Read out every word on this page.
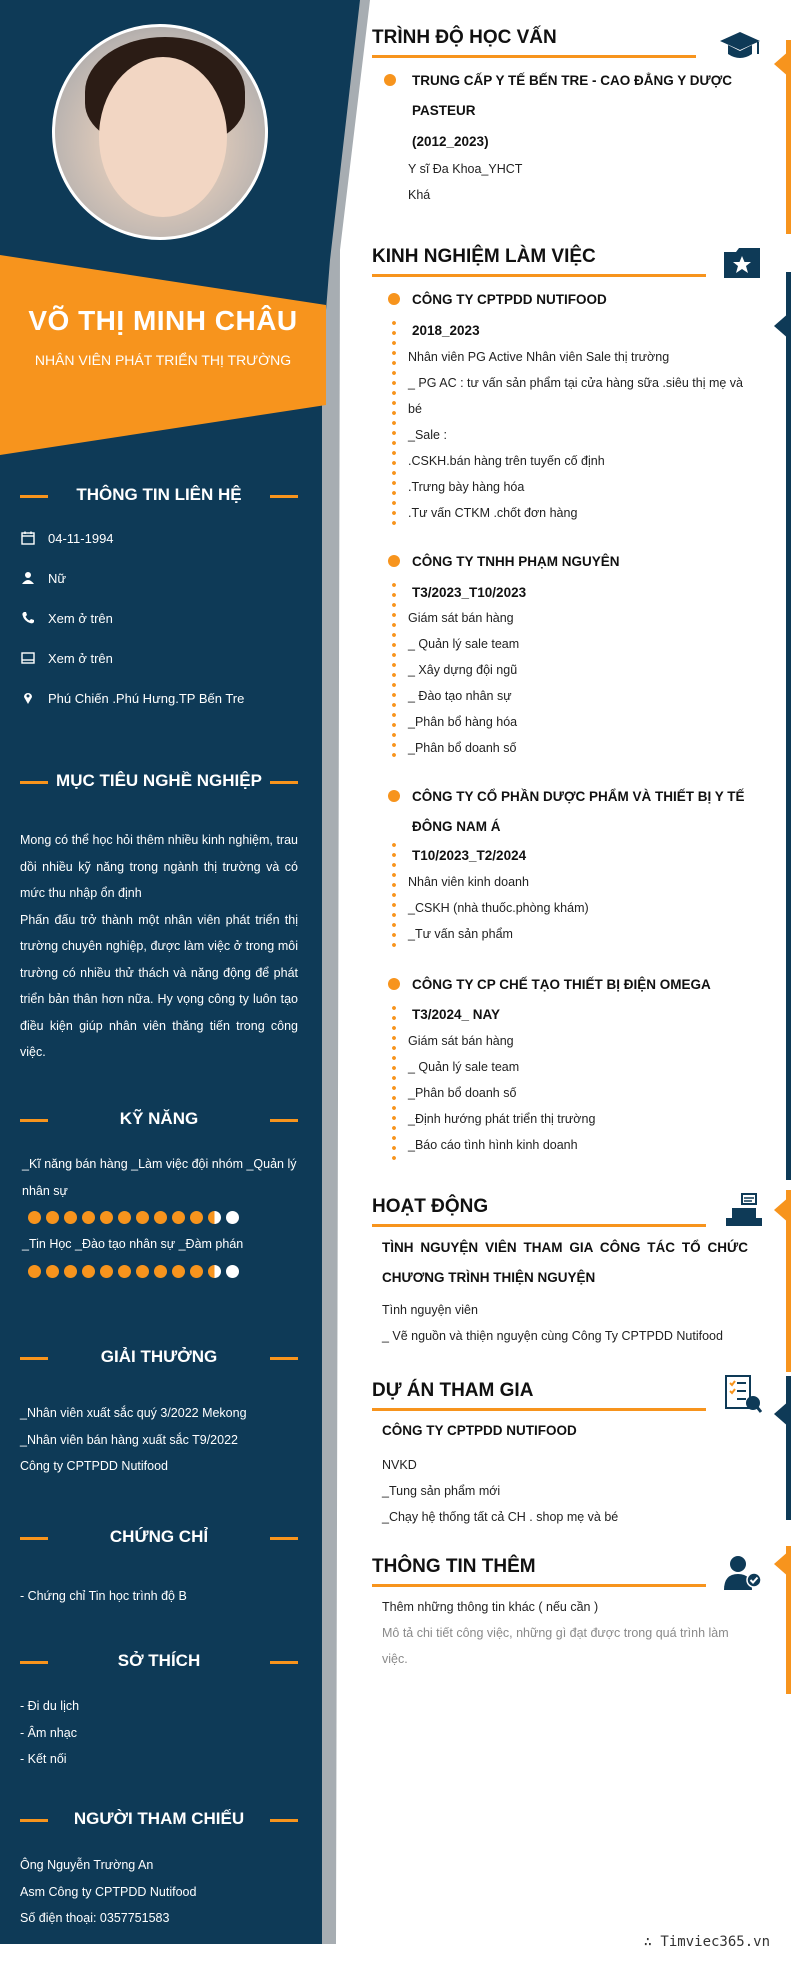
VÕ THỊ MINH CHÂU
NHÂN VIÊN PHÁT TRIỂN THỊ TRƯỜNG
THÔNG TIN LIÊN HỆ
04-11-1994
Nữ
Xem ở trên
Xem ở trên
Phú Chiến .Phú Hưng.TP Bến Tre
MỤC TIÊU NGHỀ NGHIỆP

Mong có thể học hỏi thêm nhiều kinh nghiệm, trau dồi nhiều kỹ năng trong ngành thị trường và có mức thu nhập ổn định

Phấn đấu trở thành một nhân viên phát triển thị trường chuyên nghiệp, được làm việc ở trong môi trường có nhiều thử thách và năng động để phát triển bản thân hơn nữa. Hy vọng công ty luôn tạo điều kiện giúp nhân viên thăng tiến trong công việc.

KỸ NĂNG
_Kĩ năng bán hàng _Làm việc đội nhóm _Quản lý nhân sự
_Tin Học _Đào tạo nhân sự _Đàm phán
GIẢI THƯỞNG

_Nhân viên xuất sắc quý 3/2022 Mekong

_Nhân viên bán hàng xuất sắc T9/2022

Công ty CPTPDD Nutifood

CHỨNG CHỈ

- Chứng chỉ Tin học trình độ B

SỞ THÍCH

- Đi du lịch

- Âm nhạc

- Kết nối

NGƯỜI THAM CHIẾU

Ông Nguyễn Trường An

Asm Công ty CPTPDD Nutifood

Số điện thoại: 0357751583

TRÌNH ĐỘ HỌC VẤN
TRUNG CẤP Y TẾ BẾN TRE - CAO ĐẲNG Y DƯỢC PASTEUR
(2012_2023)

Y sĩ Đa Khoa_YHCT

Khá

KINH NGHIỆM LÀM VIỆC
CÔNG TY CPTPDD NUTIFOOD
2018_2023

Nhân viên PG Active Nhân viên Sale thị trường

_ PG AC : tư vấn sản phẩm tại cửa hàng sữa .siêu thị mẹ và bé

_Sale :

.CSKH.bán hàng trên tuyến cố định

.Trưng bày hàng hóa

.Tư vấn CTKM .chốt đơn hàng

CÔNG TY TNHH PHẠM NGUYÊN
T3/2023_T10/2023

Giám sát bán hàng

_ Quản lý sale team

_ Xây dựng đội ngũ

_ Đào tạo nhân sự

_Phân bổ hàng hóa

_Phân bổ doanh số

CÔNG TY CỔ PHẦN DƯỢC PHẨM VÀ THIẾT BỊ Y TẾ ĐÔNG NAM Á
T10/2023_T2/2024

Nhân viên kinh doanh

_CSKH (nhà thuốc.phòng khám)

_Tư vấn sản phẩm

CÔNG TY CP CHẾ TẠO THIẾT BỊ ĐIỆN OMEGA
T3/2024_ NAY

Giám sát bán hàng

_ Quản lý sale team

_Phân bổ doanh số

_Định hướng phát triển thị trường

_Báo cáo tình hình kinh doanh

HOẠT ĐỘNG
TÌNH NGUYỆN VIÊN THAM GIA CÔNG TÁC TỔ CHỨC CHƯƠNG TRÌNH THIỆN NGUYỆN

Tình nguyện viên

_ Vẽ nguồn và thiện nguyện cùng Công Ty CPTPDD Nutifood

DỰ ÁN THAM GIA
CÔNG TY CPTPDD NUTIFOOD

NVKD

_Tung sản phẩm mới

_Chạy hệ thống tất cả CH . shop mẹ và bé

THÔNG TIN THÊM
Thêm những thông tin khác ( nếu cần )
Mô tả chi tiết công việc, những gì đạt được trong quá trình làm việc.
∴ Timviec365.vn
